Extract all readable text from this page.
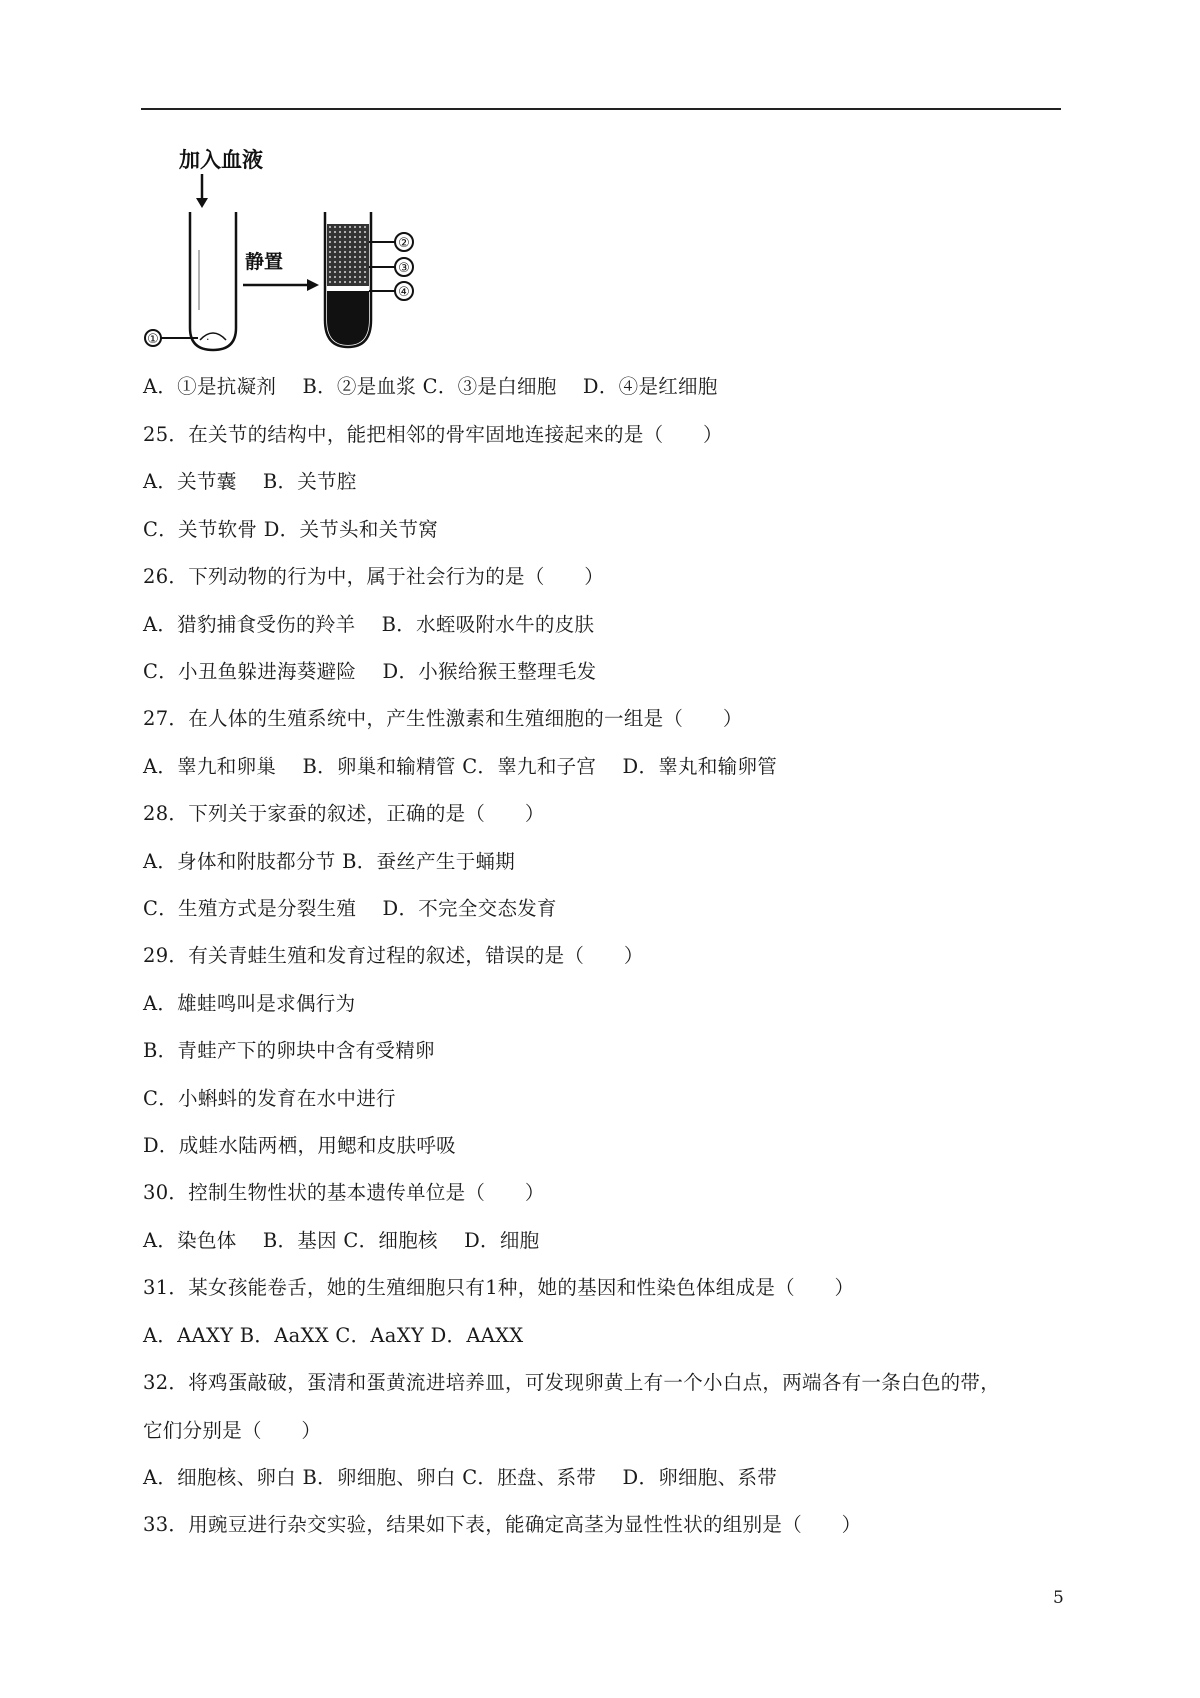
加入血液
·
①
静置
②
③
④
A．①是抗凝剂　 B．②是血浆 C．③是白细胞　 D．④是红细胞
25．在关节的结构中，能把相邻的骨牢固地连接起来的是（　　）
A．关节囊　 B．关节腔
C．关节软骨 D．关节头和关节窝
26．下列动物的行为中，属于社会行为的是（　　）
A．猎豹捕食受伤的羚羊　 B．水蛭吸附水牛的皮肤
C．小丑鱼躲进海葵避险　 D．小猴给猴王整理毛发
27．在人体的生殖系统中，产生性激素和生殖细胞的一组是（　　）
A．睾九和卵巢　 B．卵巢和输精管 C．睾九和子宫　 D．睾丸和输卵管
28．下列关于家蚕的叙述，正确的是（　　）
A．身体和附肢都分节 B．蚕丝产生于蛹期
C．生殖方式是分裂生殖　 D．不完全交态发育
29．有关青蛙生殖和发育过程的叙述，错误的是（　　）
A．雄蛙鸣叫是求偶行为
B．青蛙产下的卵块中含有受精卵
C．小蝌蚪的发育在水中进行
D．成蛙水陆两栖，用鳃和皮肤呼吸
30．控制生物性状的基本遗传单位是（　　）
A．染色体　 B．基因 C．细胞核　 D．细胞
31．某女孩能卷舌，她的生殖细胞只有1种，她的基因和性染色体组成是（　　）
A．AAXY B．AaXX C．AaXY D．AAXX
32．将鸡蛋敲破，蛋清和蛋黄流进培养皿，可发现卵黄上有一个小白点，两端各有一条白色的带，
它们分别是（　　）
A．细胞核、卵白 B．卵细胞、卵白 C．胚盘、系带　 D．卵细胞、系带
33．用豌豆进行杂交实验，结果如下表，能确定高茎为显性性状的组别是（　　）
5
